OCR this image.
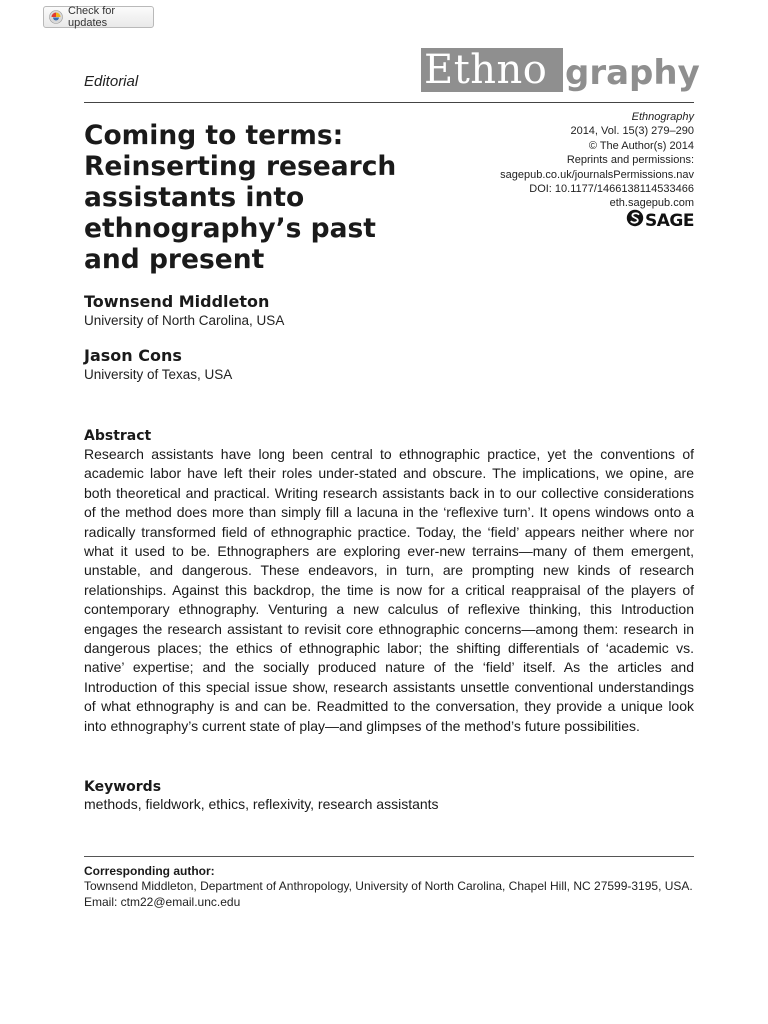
Check for updates
Editorial	Ethno graphy
Ethnography
2014, Vol. 15(3) 279–290
© The Author(s) 2014
Reprints and permissions:
sagepub.co.uk/journalsPermissions.nav
DOI: 10.1177/1466138114533466
eth.sagepub.com
SAGE
Coming to terms: Reinserting research assistants into ethnography’s past and present
Townsend Middleton
University of North Carolina, USA
Jason Cons
University of Texas, USA
Abstract

Research assistants have long been central to ethnographic practice, yet the conventions of academic labor have left their roles under-stated and obscure. The implications, we opine, are both theoretical and practical. Writing research assistants back in to our collective considerations of the method does more than simply fill a lacuna in the ‘reflexive turn’. It opens windows onto a radically transformed field of ethnographic practice. Today, the ‘field’ appears neither where nor what it used to be. Ethnographers are exploring ever-new terrains—many of them emergent, unstable, and dangerous. These endeavors, in turn, are prompting new kinds of research relationships. Against this backdrop, the time is now for a critical reappraisal of the players of contemporary ethnography. Venturing a new calculus of reflexive thinking, this Introduction engages the research assistant to revisit core ethnographic concerns—among them: research in dangerous places; the ethics of ethnographic labor; the shifting differentials of ‘academic vs. native’ expertise; and the socially produced nature of the ‘field’ itself. As the articles and Introduction of this special issue show, research assistants unsettle conventional understandings of what ethnography is and can be. Readmitted to the conversation, they provide a unique look into ethnography’s current state of play—and glimpses of the method’s future possibilities.

Keywords
methods, fieldwork, ethics, reflexivity, research assistants
Corresponding author:
Townsend Middleton, Department of Anthropology, University of North Carolina, Chapel Hill, NC 27599-3195, USA.
Email: ctm22@email.unc.edu
